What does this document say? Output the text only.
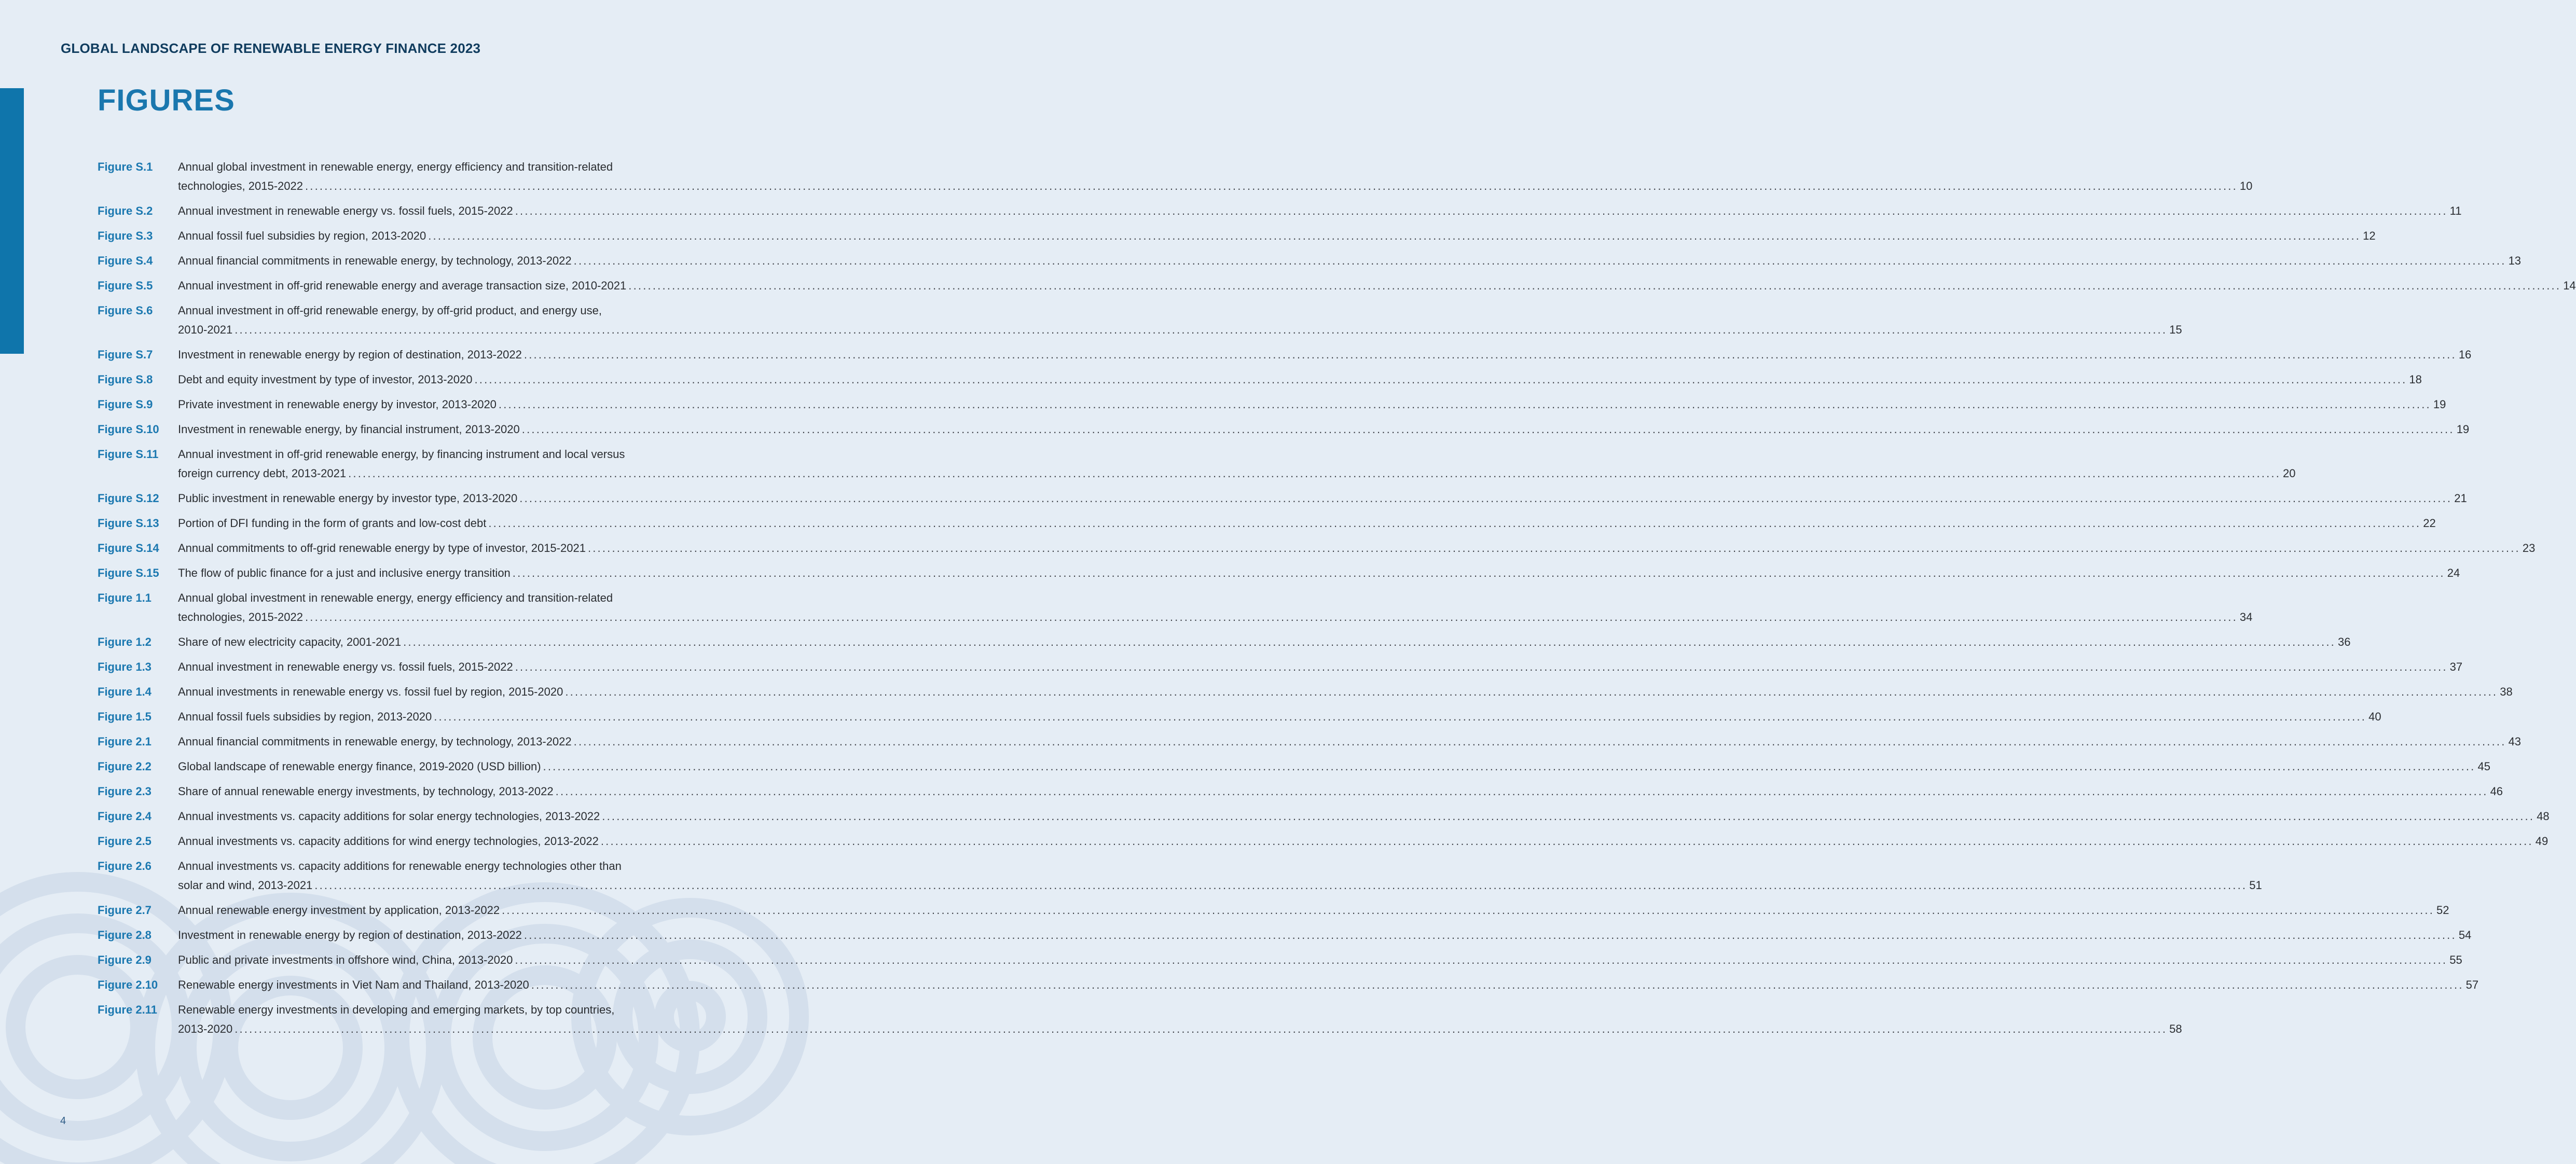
GLOBAL LANDSCAPE OF RENEWABLE ENERGY FINANCE 2023
FIGURES
Figure S.1 Annual global investment in renewable energy, energy efficiency and transition-related
technologies, 2015-2022 ................................................................................................................................................................................................................................................................................................................................................................................................................ 10
Figure S.2 Annual investment in renewable energy vs. fossil fuels, 2015-2022 ................................................................................................................................................................................................................................................................................................................................................................................................................ 11
Figure S.3 Annual fossil fuel subsidies by region, 2013-2020 ................................................................................................................................................................................................................................................................................................................................................................................................................ 12
Figure S.4 Annual financial commitments in renewable energy, by technology, 2013-2022 ................................................................................................................................................................................................................................................................................................................................................................................................................ 13
Figure S.5 Annual investment in off-grid renewable energy and average transaction size, 2010-2021 ................................................................................................................................................................................................................................................................................................................................................................................................................ 14
Figure S.6 Annual investment in off-grid renewable energy, by off-grid product, and energy use,
2010-2021 ................................................................................................................................................................................................................................................................................................................................................................................................................ 15
Figure S.7 Investment in renewable energy by region of destination, 2013-2022 ................................................................................................................................................................................................................................................................................................................................................................................................................ 16
Figure S.8 Debt and equity investment by type of investor, 2013-2020 ................................................................................................................................................................................................................................................................................................................................................................................................................ 18
Figure S.9 Private investment in renewable energy by investor, 2013-2020 ................................................................................................................................................................................................................................................................................................................................................................................................................ 19
Figure S.10 Investment in renewable energy, by financial instrument, 2013-2020 ................................................................................................................................................................................................................................................................................................................................................................................................................ 19
Figure S.11 Annual investment in off-grid renewable energy, by financing instrument and local versus
foreign currency debt, 2013-2021 ................................................................................................................................................................................................................................................................................................................................................................................................................ 20
Figure S.12 Public investment in renewable energy by investor type, 2013-2020 ................................................................................................................................................................................................................................................................................................................................................................................................................ 21
Figure S.13 Portion of DFI funding in the form of grants and low-cost debt ................................................................................................................................................................................................................................................................................................................................................................................................................ 22
Figure S.14 Annual commitments to off-grid renewable energy by type of investor, 2015-2021 ................................................................................................................................................................................................................................................................................................................................................................................................................ 23
Figure S.15 The flow of public finance for a just and inclusive energy transition ................................................................................................................................................................................................................................................................................................................................................................................................................ 24
Figure 1.1 Annual global investment in renewable energy, energy efficiency and transition-related
technologies, 2015-2022 ................................................................................................................................................................................................................................................................................................................................................................................................................ 34
Figure 1.2 Share of new electricity capacity, 2001-2021 ................................................................................................................................................................................................................................................................................................................................................................................................................ 36
Figure 1.3 Annual investment in renewable energy vs. fossil fuels, 2015-2022 ................................................................................................................................................................................................................................................................................................................................................................................................................ 37
Figure 1.4 Annual investments in renewable energy vs. fossil fuel by region, 2015-2020 ................................................................................................................................................................................................................................................................................................................................................................................................................ 38
Figure 1.5 Annual fossil fuels subsidies by region, 2013-2020 ................................................................................................................................................................................................................................................................................................................................................................................................................ 40
Figure 2.1 Annual financial commitments in renewable energy, by technology, 2013-2022 ................................................................................................................................................................................................................................................................................................................................................................................................................ 43
Figure 2.2 Global landscape of renewable energy finance, 2019-2020 (USD billion) ................................................................................................................................................................................................................................................................................................................................................................................................................ 45
Figure 2.3 Share of annual renewable energy investments, by technology, 2013-2022 ................................................................................................................................................................................................................................................................................................................................................................................................................ 46
Figure 2.4 Annual investments vs. capacity additions for solar energy technologies, 2013-2022 ................................................................................................................................................................................................................................................................................................................................................................................................................ 48
Figure 2.5 Annual investments vs. capacity additions for wind energy technologies, 2013-2022 ................................................................................................................................................................................................................................................................................................................................................................................................................ 49
Figure 2.6 Annual investments vs. capacity additions for renewable energy technologies other than
solar and wind, 2013-2021 ................................................................................................................................................................................................................................................................................................................................................................................................................ 51
Figure 2.7 Annual renewable energy investment by application, 2013-2022 ................................................................................................................................................................................................................................................................................................................................................................................................................ 52
Figure 2.8 Investment in renewable energy by region of destination, 2013-2022 ................................................................................................................................................................................................................................................................................................................................................................................................................ 54
Figure 2.9 Public and private investments in offshore wind, China, 2013-2020 ................................................................................................................................................................................................................................................................................................................................................................................................................ 55
Figure 2.10 Renewable energy investments in Viet Nam and Thailand, 2013-2020 ................................................................................................................................................................................................................................................................................................................................................................................................................ 57
Figure 2.11 Renewable energy investments in developing and emerging markets, by top countries,
2013-2020 ................................................................................................................................................................................................................................................................................................................................................................................................................ 58
4
